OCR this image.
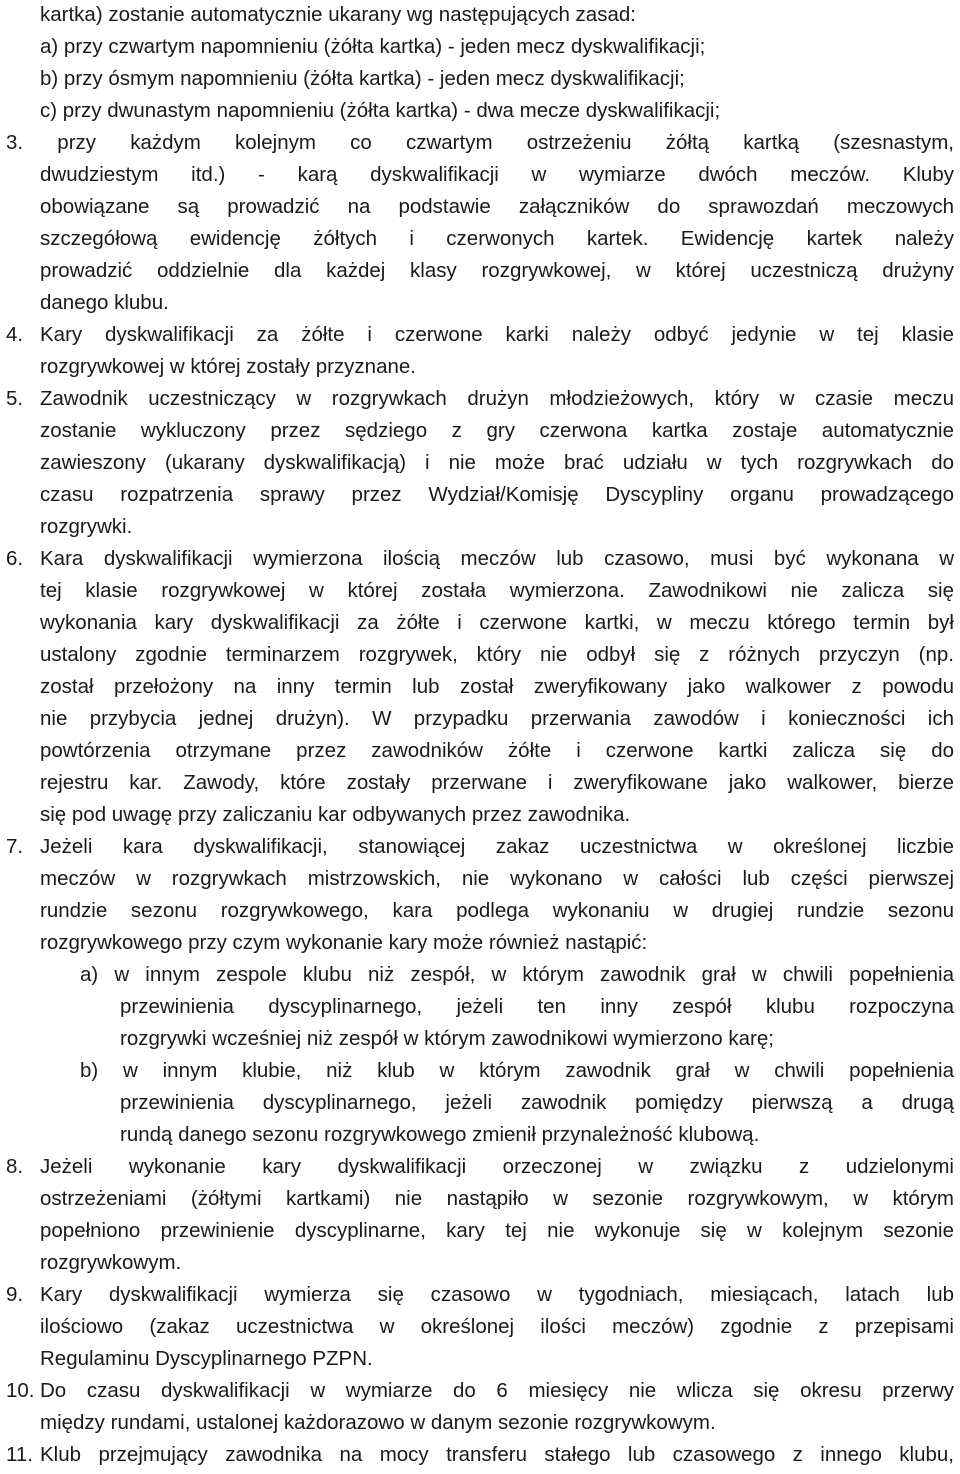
kartka) zostanie automatycznie ukarany wg następujących zasad:

a) przy czwartym napomnieniu (żółta kartka) - jeden mecz dyskwalifikacji;

b) przy ósmym napomnieniu (żółta kartka) - jeden mecz dyskwalifikacji;

c) przy dwunastym napomnieniu (żółta kartka) - dwa mecze dyskwalifikacji;

3. przy każdym kolejnym co czwartym ostrzeżeniu żółtą kartką (szesnastym,

dwudziestym itd.) - karą dyskwalifikacji w wymiarze dwóch meczów. Kluby

obowiązane są prowadzić na podstawie załączników do sprawozdań meczowych

szczegółową ewidencję żółtych i czerwonych kartek. Ewidencję kartek należy

prowadzić oddzielnie dla każdej klasy rozgrywkowej, w której uczestniczą drużyny

danego klubu.

4. Kary dyskwalifikacji za żółte i czerwone karki należy odbyć jedynie w tej klasie

rozgrywkowej w której zostały przyznane.

5. Zawodnik uczestniczący w rozgrywkach drużyn młodzieżowych, który w czasie meczu

zostanie wykluczony przez sędziego z gry czerwona kartka zostaje automatycznie

zawieszony (ukarany dyskwalifikacją) i nie może brać udziału w tych rozgrywkach do

czasu rozpatrzenia sprawy przez Wydział/Komisję Dyscypliny organu prowadzącego

rozgrywki.

6. Kara dyskwalifikacji wymierzona ilością meczów lub czasowo, musi być wykonana w

tej klasie rozgrywkowej w której została wymierzona. Zawodnikowi nie zalicza się

wykonania kary dyskwalifikacji za żółte i czerwone kartki, w meczu którego termin był

ustalony zgodnie terminarzem rozgrywek, który nie odbył się z różnych przyczyn (np.

został przełożony na inny termin lub został zweryfikowany jako walkower z powodu

nie przybycia jednej drużyn). W przypadku przerwania zawodów i konieczności ich

powtórzenia otrzymane przez zawodników żółte i czerwone kartki zalicza się do

rejestru kar. Zawody, które zostały przerwane i zweryfikowane jako walkower, bierze

się pod uwagę przy zaliczaniu kar odbywanych przez zawodnika.

7. Jeżeli kara dyskwalifikacji, stanowiącej zakaz uczestnictwa w określonej liczbie

meczów w rozgrywkach mistrzowskich, nie wykonano w całości lub części pierwszej

rundzie sezonu rozgrywkowego, kara podlega wykonaniu w drugiej rundzie sezonu

rozgrywkowego przy czym wykonanie kary może również nastąpić:

a) w innym zespole klubu niż zespół, w którym zawodnik grał w chwili popełnienia

przewinienia dyscyplinarnego, jeżeli ten inny zespół klubu rozpoczyna

rozgrywki wcześniej niż zespół w którym zawodnikowi wymierzono karę;

b) w innym klubie, niż klub w którym zawodnik grał w chwili popełnienia

przewinienia dyscyplinarnego, jeżeli zawodnik pomiędzy pierwszą a drugą

rundą danego sezonu rozgrywkowego zmienił przynależność klubową.

8. Jeżeli wykonanie kary dyskwalifikacji orzeczonej w związku z udzielonymi

ostrzeżeniami (żółtymi kartkami) nie nastąpiło w sezonie rozgrywkowym, w którym

popełniono przewinienie dyscyplinarne, kary tej nie wykonuje się w kolejnym sezonie

rozgrywkowym.

9. Kary dyskwalifikacji wymierza się czasowo w tygodniach, miesiącach, latach lub

ilościowo (zakaz uczestnictwa w określonej ilości meczów) zgodnie z przepisami

Regulaminu Dyscyplinarnego PZPN.

10. Do czasu dyskwalifikacji w wymiarze do 6 miesięcy nie wlicza się okresu przerwy

między rundami, ustalonej każdorazowo w danym sezonie rozgrywkowym.

11. Klub przejmujący zawodnika na mocy transferu stałego lub czasowego z innego klubu,
